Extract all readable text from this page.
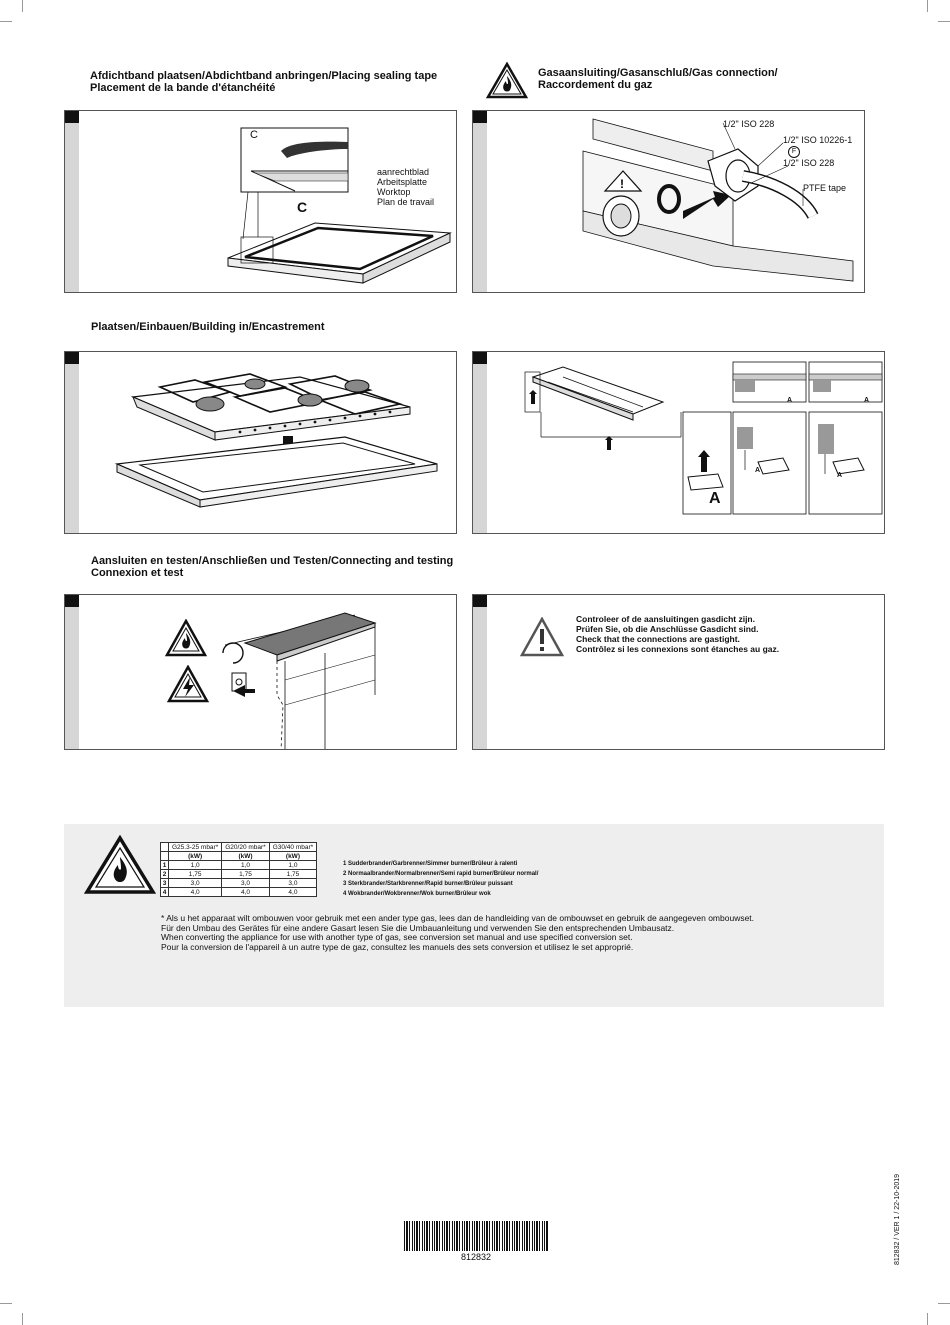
Afdichtband plaatsen/Abdichtband anbringen/Placing sealing tape
Placement de la bande d'étanchéité
Gasaansluiting/Gasanschluß/Gas connection/
Raccordement du gaz
C
C
aanrechtblad
Arbeitsplatte
Worktop
Plan de travail
!
1/2" ISO 228
1/2" ISO 10226-1
F
1/2" ISO 228
PTFE tape
Plaatsen/Einbauen/Building in/Encastrement
A
A	A
A
A
Aansluiten en testen/Anschließen und Testen/Connecting and testing
Connexion et test
Controleer of de aansluitingen gasdicht zijn.
Prüfen Sie, ob die Anschlüsse Gasdicht sind.
Check that the connections are gastight.
Contrôlez si les connexions sont étanches au gaz.
	G25.3-25 mbar*	G20/20 mbar*	G30/40 mbar*
	(kW)	(kW)	(kW)
1	1,0	1,0	1,0
2	1,75	1,75	1,75
3	3,0	3,0	3,0
4	4,0	4,0	4,0
1 Sudderbrander/Garbrenner/Simmer burner/Brûleur à ralenti
2 Normaalbrander/Normalbrenner/Semi rapid burner/Brûleur normal/
3 Sterkbrander/Starkbrenner/Rapid burner/Brûleur puissant
4 Wokbrander/Wokbrenner/Wok burner/Brûleur wok
* Als u het apparaat wilt ombouwen voor gebruik met een ander type gas, lees dan de handleiding van de ombouwset en gebruik de aangegeven ombouwset.
Für den Umbau des Gerätes für eine andere Gasart lesen Sie die Umbauanleitung und verwenden Sie den entsprechenden Umbausatz.
When converting the appliance for use with another type of gas, see conversion set manual and use specified conversion set.
Pour la conversion de l'appareil à un autre type de gaz, consultez les manuels des sets conversion et utilisez le set approprié.
812832	812832 / VER 1 / 22-10-2019
